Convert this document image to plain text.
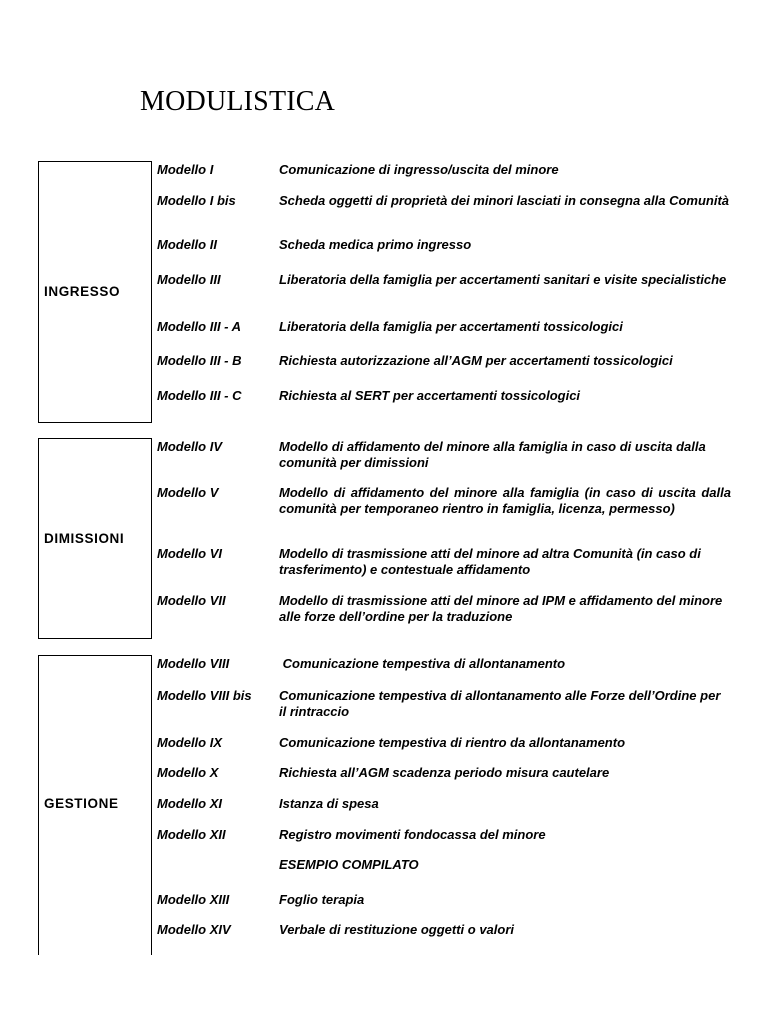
MODULISTICA
INGRESSO
Modello I	Comunicazione di ingresso/uscita del minore
Modello I bis	Scheda oggetti di proprietà dei minori lasciati in consegna alla Comunità
Modello II	Scheda medica primo ingresso
Modello III	Liberatoria della famiglia per accertamenti sanitari e visite specialistiche
Modello III - A	Liberatoria della famiglia per accertamenti tossicologici
Modello III - B	Richiesta autorizzazione all’AGM per accertamenti tossicologici
Modello III - C	Richiesta al SERT per accertamenti tossicologici
DIMISSIONI
Modello IV	Modello di affidamento del minore alla famiglia in caso di uscita dalla comunità per dimissioni
Modello V	Modello di affidamento del minore alla famiglia (in caso di uscita dalla comunità per temporaneo rientro in famiglia, licenza, permesso)
Modello VI	Modello di trasmissione atti del minore ad altra Comunità (in caso di trasferimento) e contestuale affidamento
Modello VII	Modello di trasmissione atti del minore ad IPM e affidamento del minore alle forze dell’ordine per la traduzione
GESTIONE
Modello VIII	Comunicazione tempestiva di allontanamento
Modello VIII bis	Comunicazione tempestiva di allontanamento alle Forze dell’Ordine per il rintraccio
Modello IX	Comunicazione tempestiva di rientro da allontanamento
Modello X	Richiesta all’AGM scadenza periodo misura cautelare
Modello XI	Istanza di spesa
Modello XII	Registro movimenti fondocassa del minore
ESEMPIO COMPILATO
Modello XIII	Foglio terapia
Modello XIV	Verbale di restituzione oggetti o valori
